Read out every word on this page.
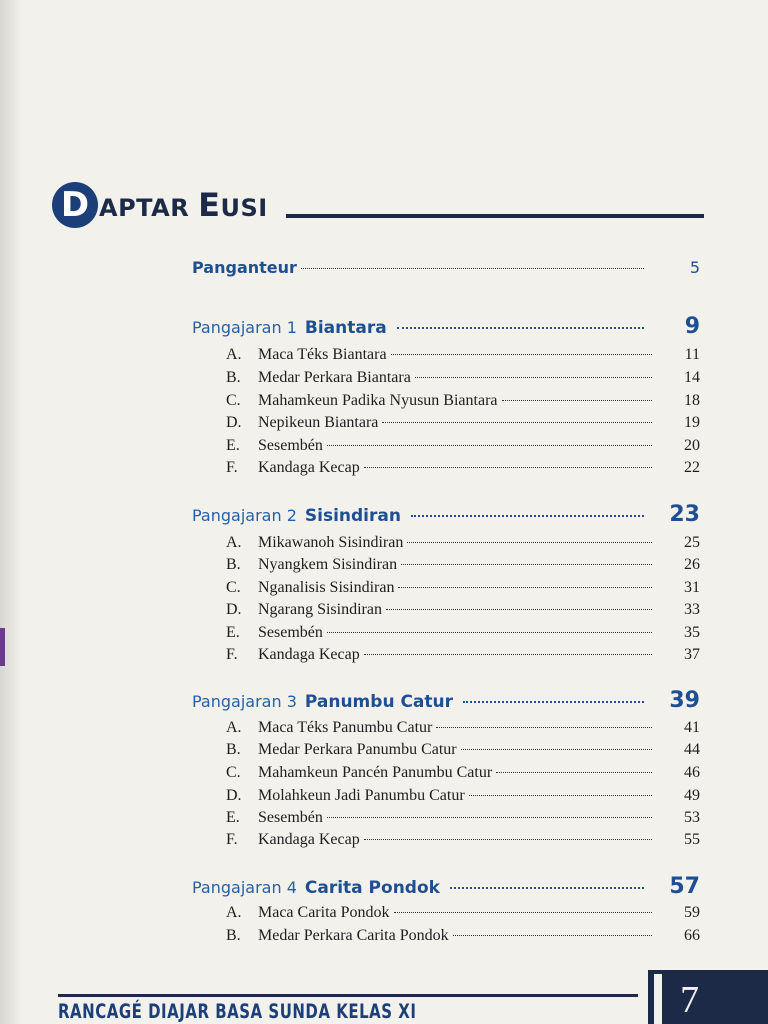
D APTAR EUSI
Panganteur	5
Pangajaran 1 Biantara	9
A.	Maca Téks Biantara	11
B.	Medar Perkara Biantara	14
C.	Mahamkeun Padika Nyusun Biantara	18
D.	Nepikeun Biantara	19
E.	Sesembén	20
F.	Kandaga Kecap	22
Pangajaran 2 Sisindiran	23
A.	Mikawanoh Sisindiran	25
B.	Nyangkem Sisindiran	26
C.	Nganalisis Sisindiran	31
D.	Ngarang Sisindiran	33
E.	Sesembén	35
F.	Kandaga Kecap	37
Pangajaran 3 Panumbu Catur	39
A.	Maca Téks Panumbu Catur	41
B.	Medar Perkara Panumbu Catur	44
C.	Mahamkeun Pancén Panumbu Catur	46
D.	Molahkeun Jadi Panumbu Catur	49
E.	Sesembén	53
F.	Kandaga Kecap	55
Pangajaran 4 Carita Pondok	57
A.	Maca Carita Pondok	59
B.	Medar Perkara Carita Pondok	66
RANCAGÉ DIAJAR BASA SUNDA KELAS XI	7
